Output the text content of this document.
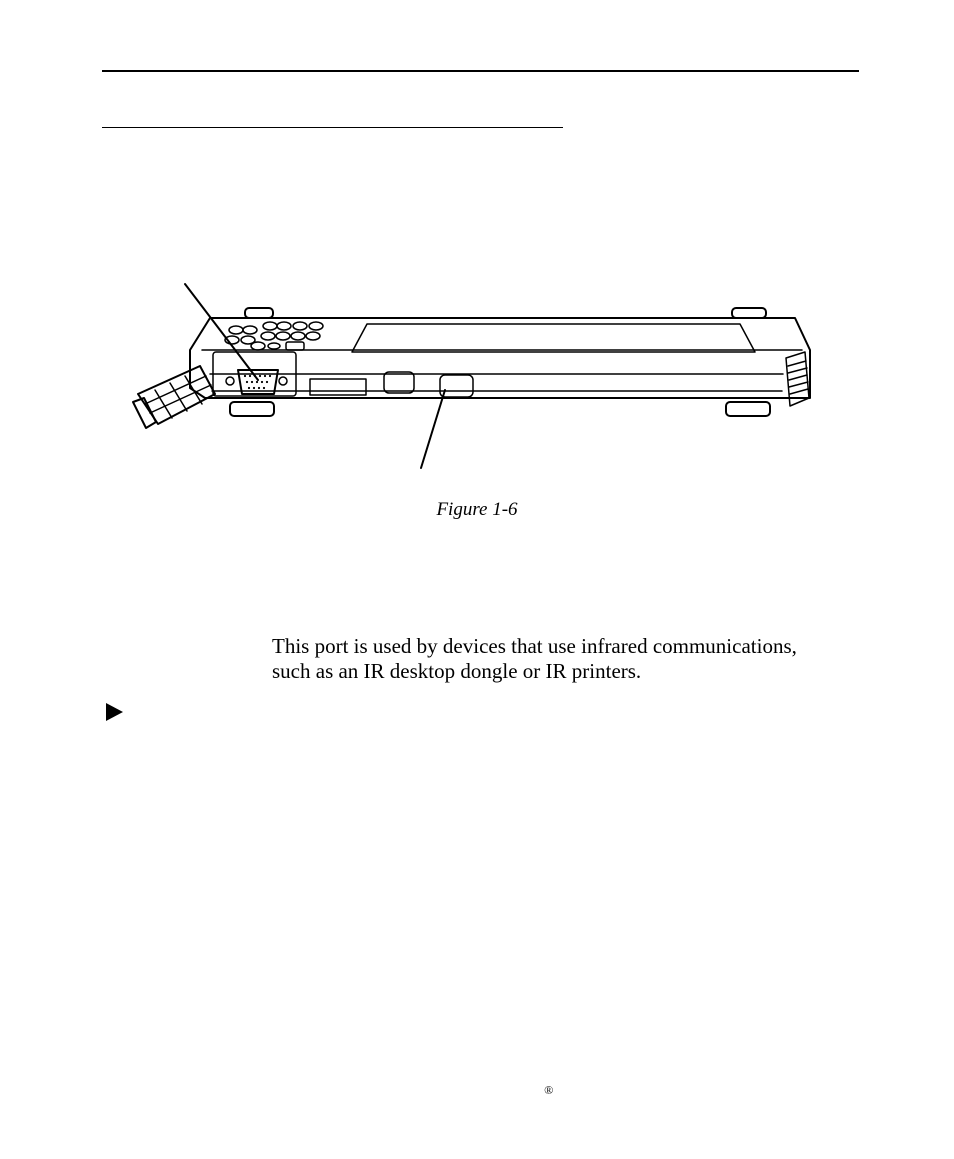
Figure 1-6

This port is used by devices that use infrared communications,

such as an IR desktop dongle or IR printers.

®
